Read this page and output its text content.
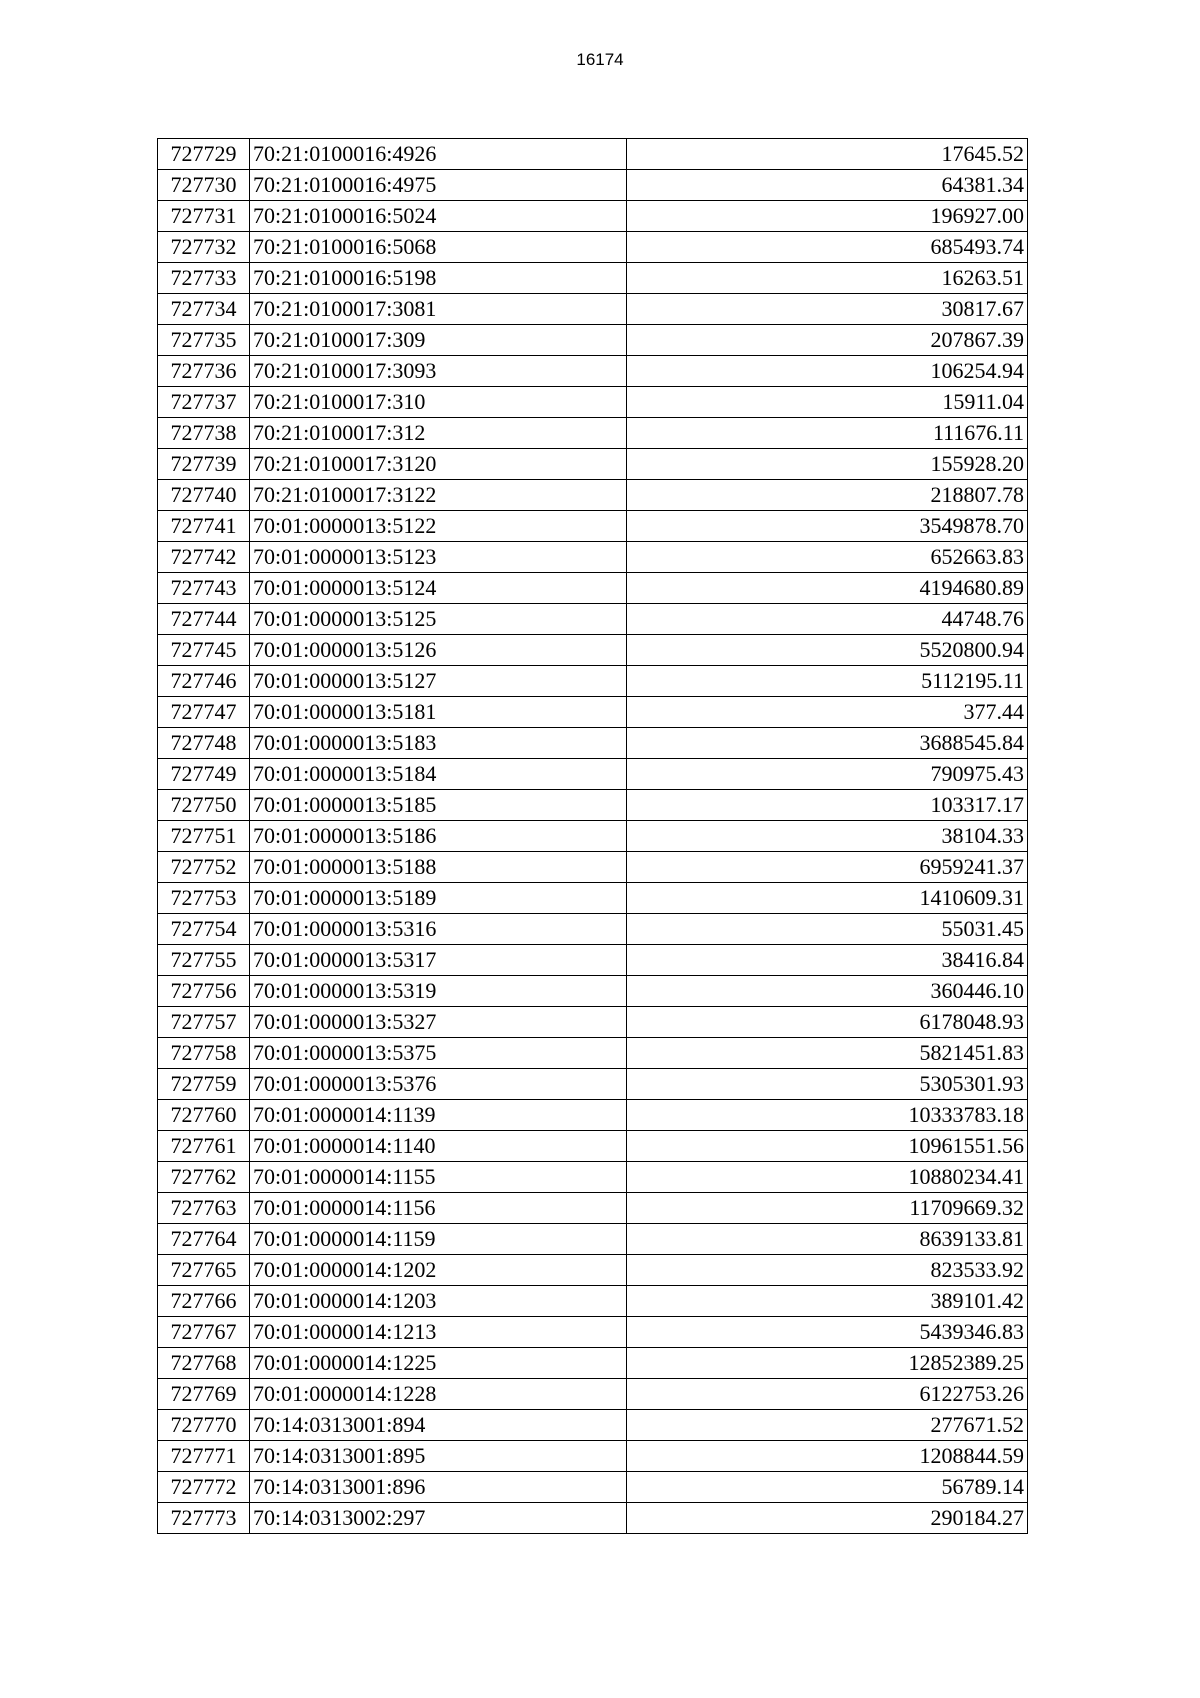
16174
727729	70:21:0100016:4926	17645.52
727730	70:21:0100016:4975	64381.34
727731	70:21:0100016:5024	196927.00
727732	70:21:0100016:5068	685493.74
727733	70:21:0100016:5198	16263.51
727734	70:21:0100017:3081	30817.67
727735	70:21:0100017:309	207867.39
727736	70:21:0100017:3093	106254.94
727737	70:21:0100017:310	15911.04
727738	70:21:0100017:312	111676.11
727739	70:21:0100017:3120	155928.20
727740	70:21:0100017:3122	218807.78
727741	70:01:0000013:5122	3549878.70
727742	70:01:0000013:5123	652663.83
727743	70:01:0000013:5124	4194680.89
727744	70:01:0000013:5125	44748.76
727745	70:01:0000013:5126	5520800.94
727746	70:01:0000013:5127	5112195.11
727747	70:01:0000013:5181	377.44
727748	70:01:0000013:5183	3688545.84
727749	70:01:0000013:5184	790975.43
727750	70:01:0000013:5185	103317.17
727751	70:01:0000013:5186	38104.33
727752	70:01:0000013:5188	6959241.37
727753	70:01:0000013:5189	1410609.31
727754	70:01:0000013:5316	55031.45
727755	70:01:0000013:5317	38416.84
727756	70:01:0000013:5319	360446.10
727757	70:01:0000013:5327	6178048.93
727758	70:01:0000013:5375	5821451.83
727759	70:01:0000013:5376	5305301.93
727760	70:01:0000014:1139	10333783.18
727761	70:01:0000014:1140	10961551.56
727762	70:01:0000014:1155	10880234.41
727763	70:01:0000014:1156	11709669.32
727764	70:01:0000014:1159	8639133.81
727765	70:01:0000014:1202	823533.92
727766	70:01:0000014:1203	389101.42
727767	70:01:0000014:1213	5439346.83
727768	70:01:0000014:1225	12852389.25
727769	70:01:0000014:1228	6122753.26
727770	70:14:0313001:894	277671.52
727771	70:14:0313001:895	1208844.59
727772	70:14:0313001:896	56789.14
727773	70:14:0313002:297	290184.27
